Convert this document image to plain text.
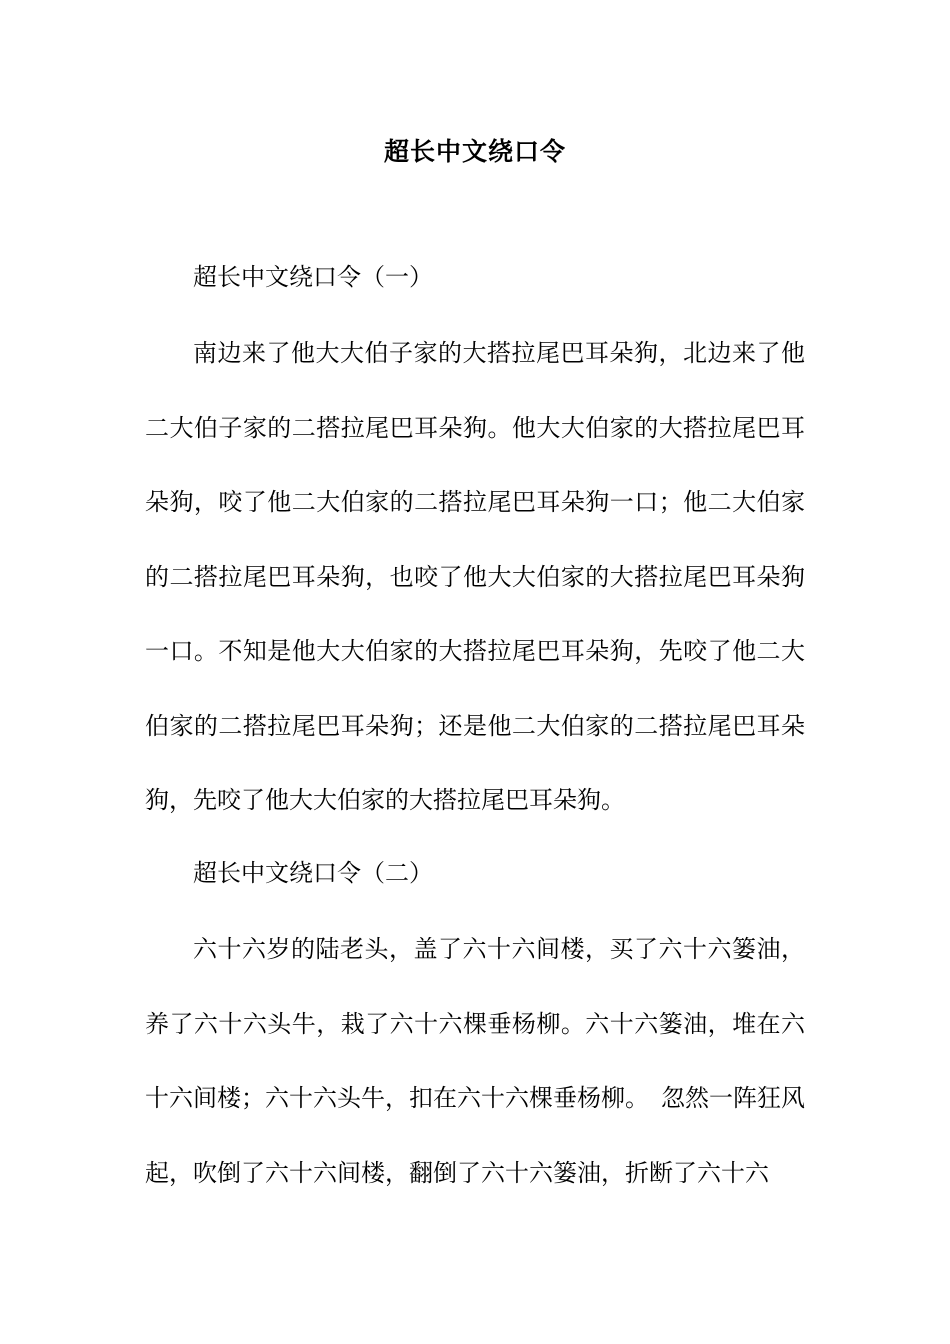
超长中文绕口令
超长中文绕口令（一）
南边来了他大大伯子家的大搭拉尾巴耳朵狗，北边来了他二大伯子家的二搭拉尾巴耳朵狗。他大大伯家的大搭拉尾巴耳朵狗，咬了他二大伯家的二搭拉尾巴耳朵狗一口；他二大伯家的二搭拉尾巴耳朵狗，也咬了他大大伯家的大搭拉尾巴耳朵狗一口。不知是他大大伯家的大搭拉尾巴耳朵狗，先咬了他二大伯家的二搭拉尾巴耳朵狗；还是他二大伯家的二搭拉尾巴耳朵狗，先咬了他大大伯家的大搭拉尾巴耳朵狗。
超长中文绕口令（二）
六十六岁的陆老头，盖了六十六间楼，买了六十六篓油，养了六十六头牛，栽了六十六棵垂杨柳。六十六篓油，堆在六十六间楼；六十六头牛，扣在六十六棵垂杨柳。　忽然一阵狂风起，吹倒了六十六间楼，翻倒了六十六篓油，折断了六十六
